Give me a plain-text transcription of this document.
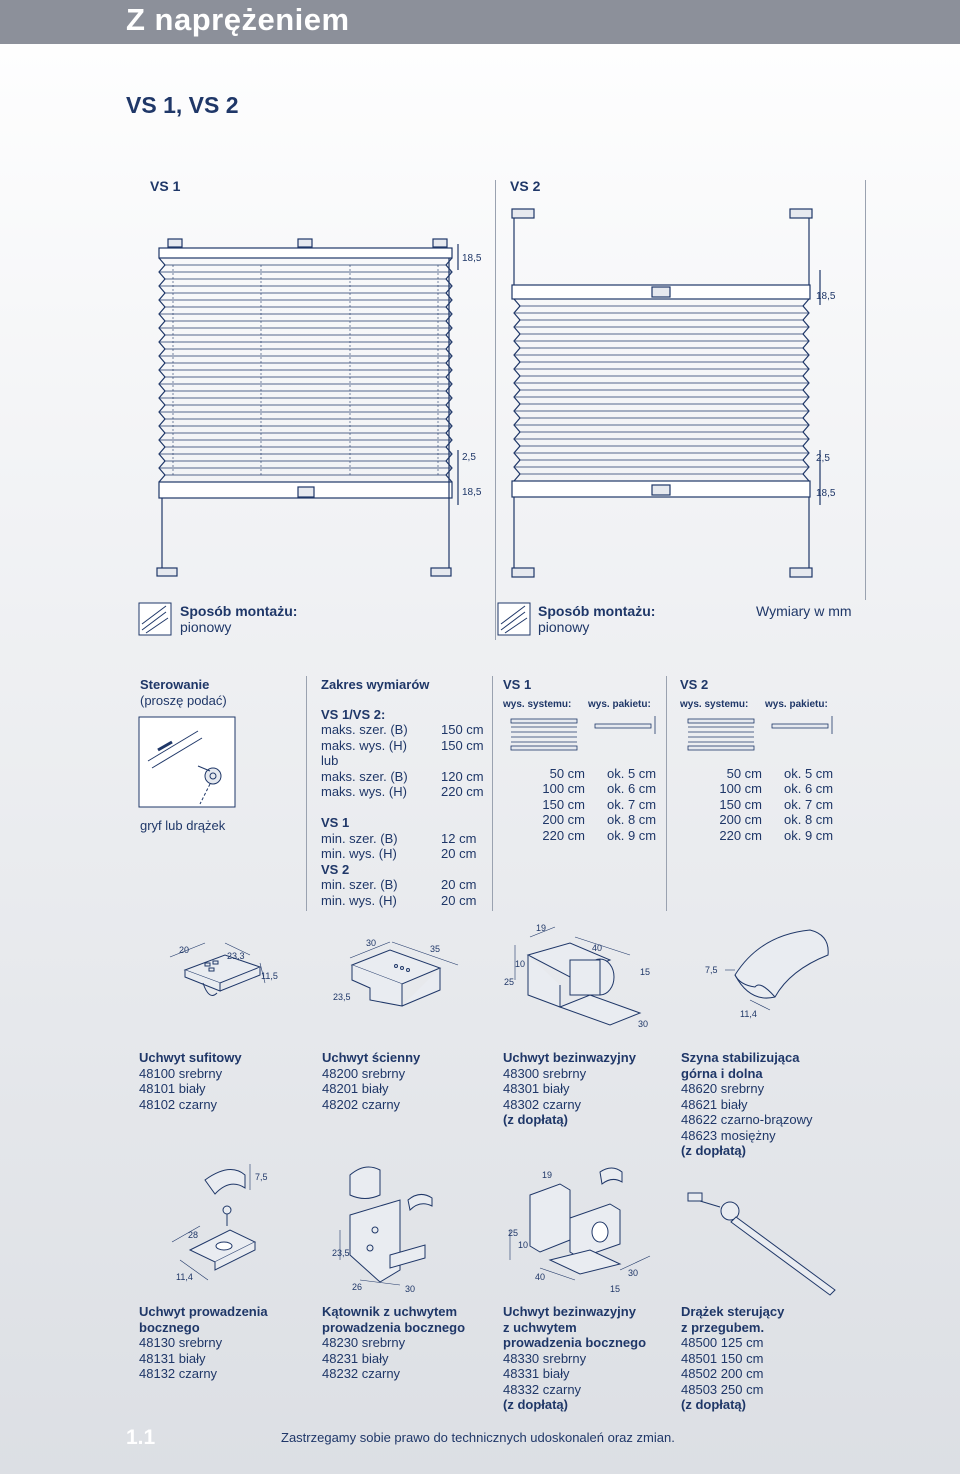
Z naprężeniem
VS 1, VS 2
VS 1	VS 2
18,5
2,5
18,5
18,5
2,5
18,5
Sposób montażu:
pionowy
Sposób montażu:
pionowy
Wymiary w mm
Sterowanie
(proszę podać)
gryf lub drążek
Zakres wymiarów
VS 1/VS 2:
maks. szer. (B)	150 cm
maks. wys. (H)	150 cm
lub
maks. szer. (B)	120 cm
maks. wys. (H)	220 cm
VS 1
min. szer. (B)	12 cm
min. wys. (H)	20 cm
VS 2
min. szer. (B)	20 cm
min. wys. (H)	20 cm
VS 1
wys. systemu:	wys. pakietu:
50 cm	ok. 5 cm
100 cm	ok. 6 cm
150 cm	ok. 7 cm
200 cm	ok. 8 cm
220 cm	ok. 9 cm
VS 2
wys. systemu:	wys. pakietu:
50 cm	ok. 5 cm
100 cm	ok. 6 cm
150 cm	ok. 7 cm
200 cm	ok. 8 cm
220 cm	ok. 9 cm
20
23,3
11,5
30
35
23,5
19
40
10
25
15
30
7,5
11,4
Uchwyt sufitowy
48100 srebrny
48101 biały
48102 czarny
Uchwyt ścienny
48200 srebrny
48201 biały
48202 czarny
Uchwyt bezinwazyjny
48300 srebrny
48301 biały
48302 czarny
(z dopłatą)
Szyna stabilizująca
górna i dolna
48620 srebrny
48621 biały
48622 czarno-brązowy
48623 mosiężny
(z dopłatą)
7,5
28
11,4
23,5
26	30
19
25
10
40	30
15
Uchwyt prowadzenia
bocznego
48130 srebrny
48131 biały
48132 czarny
Kątownik z uchwytem
prowadzenia bocznego
48230 srebrny
48231 biały
48232 czarny
Uchwyt bezinwazyjny
z uchwytem
prowadzenia bocznego
48330 srebrny
48331 biały
48332 czarny
(z dopłatą)
Drążek sterujący
z przegubem.
48500 125 cm
48501 150 cm
48502 200 cm
48503 250 cm
(z dopłatą)
1.1	Zastrzegamy sobie prawo do technicznych udoskonaleń oraz zmian.
